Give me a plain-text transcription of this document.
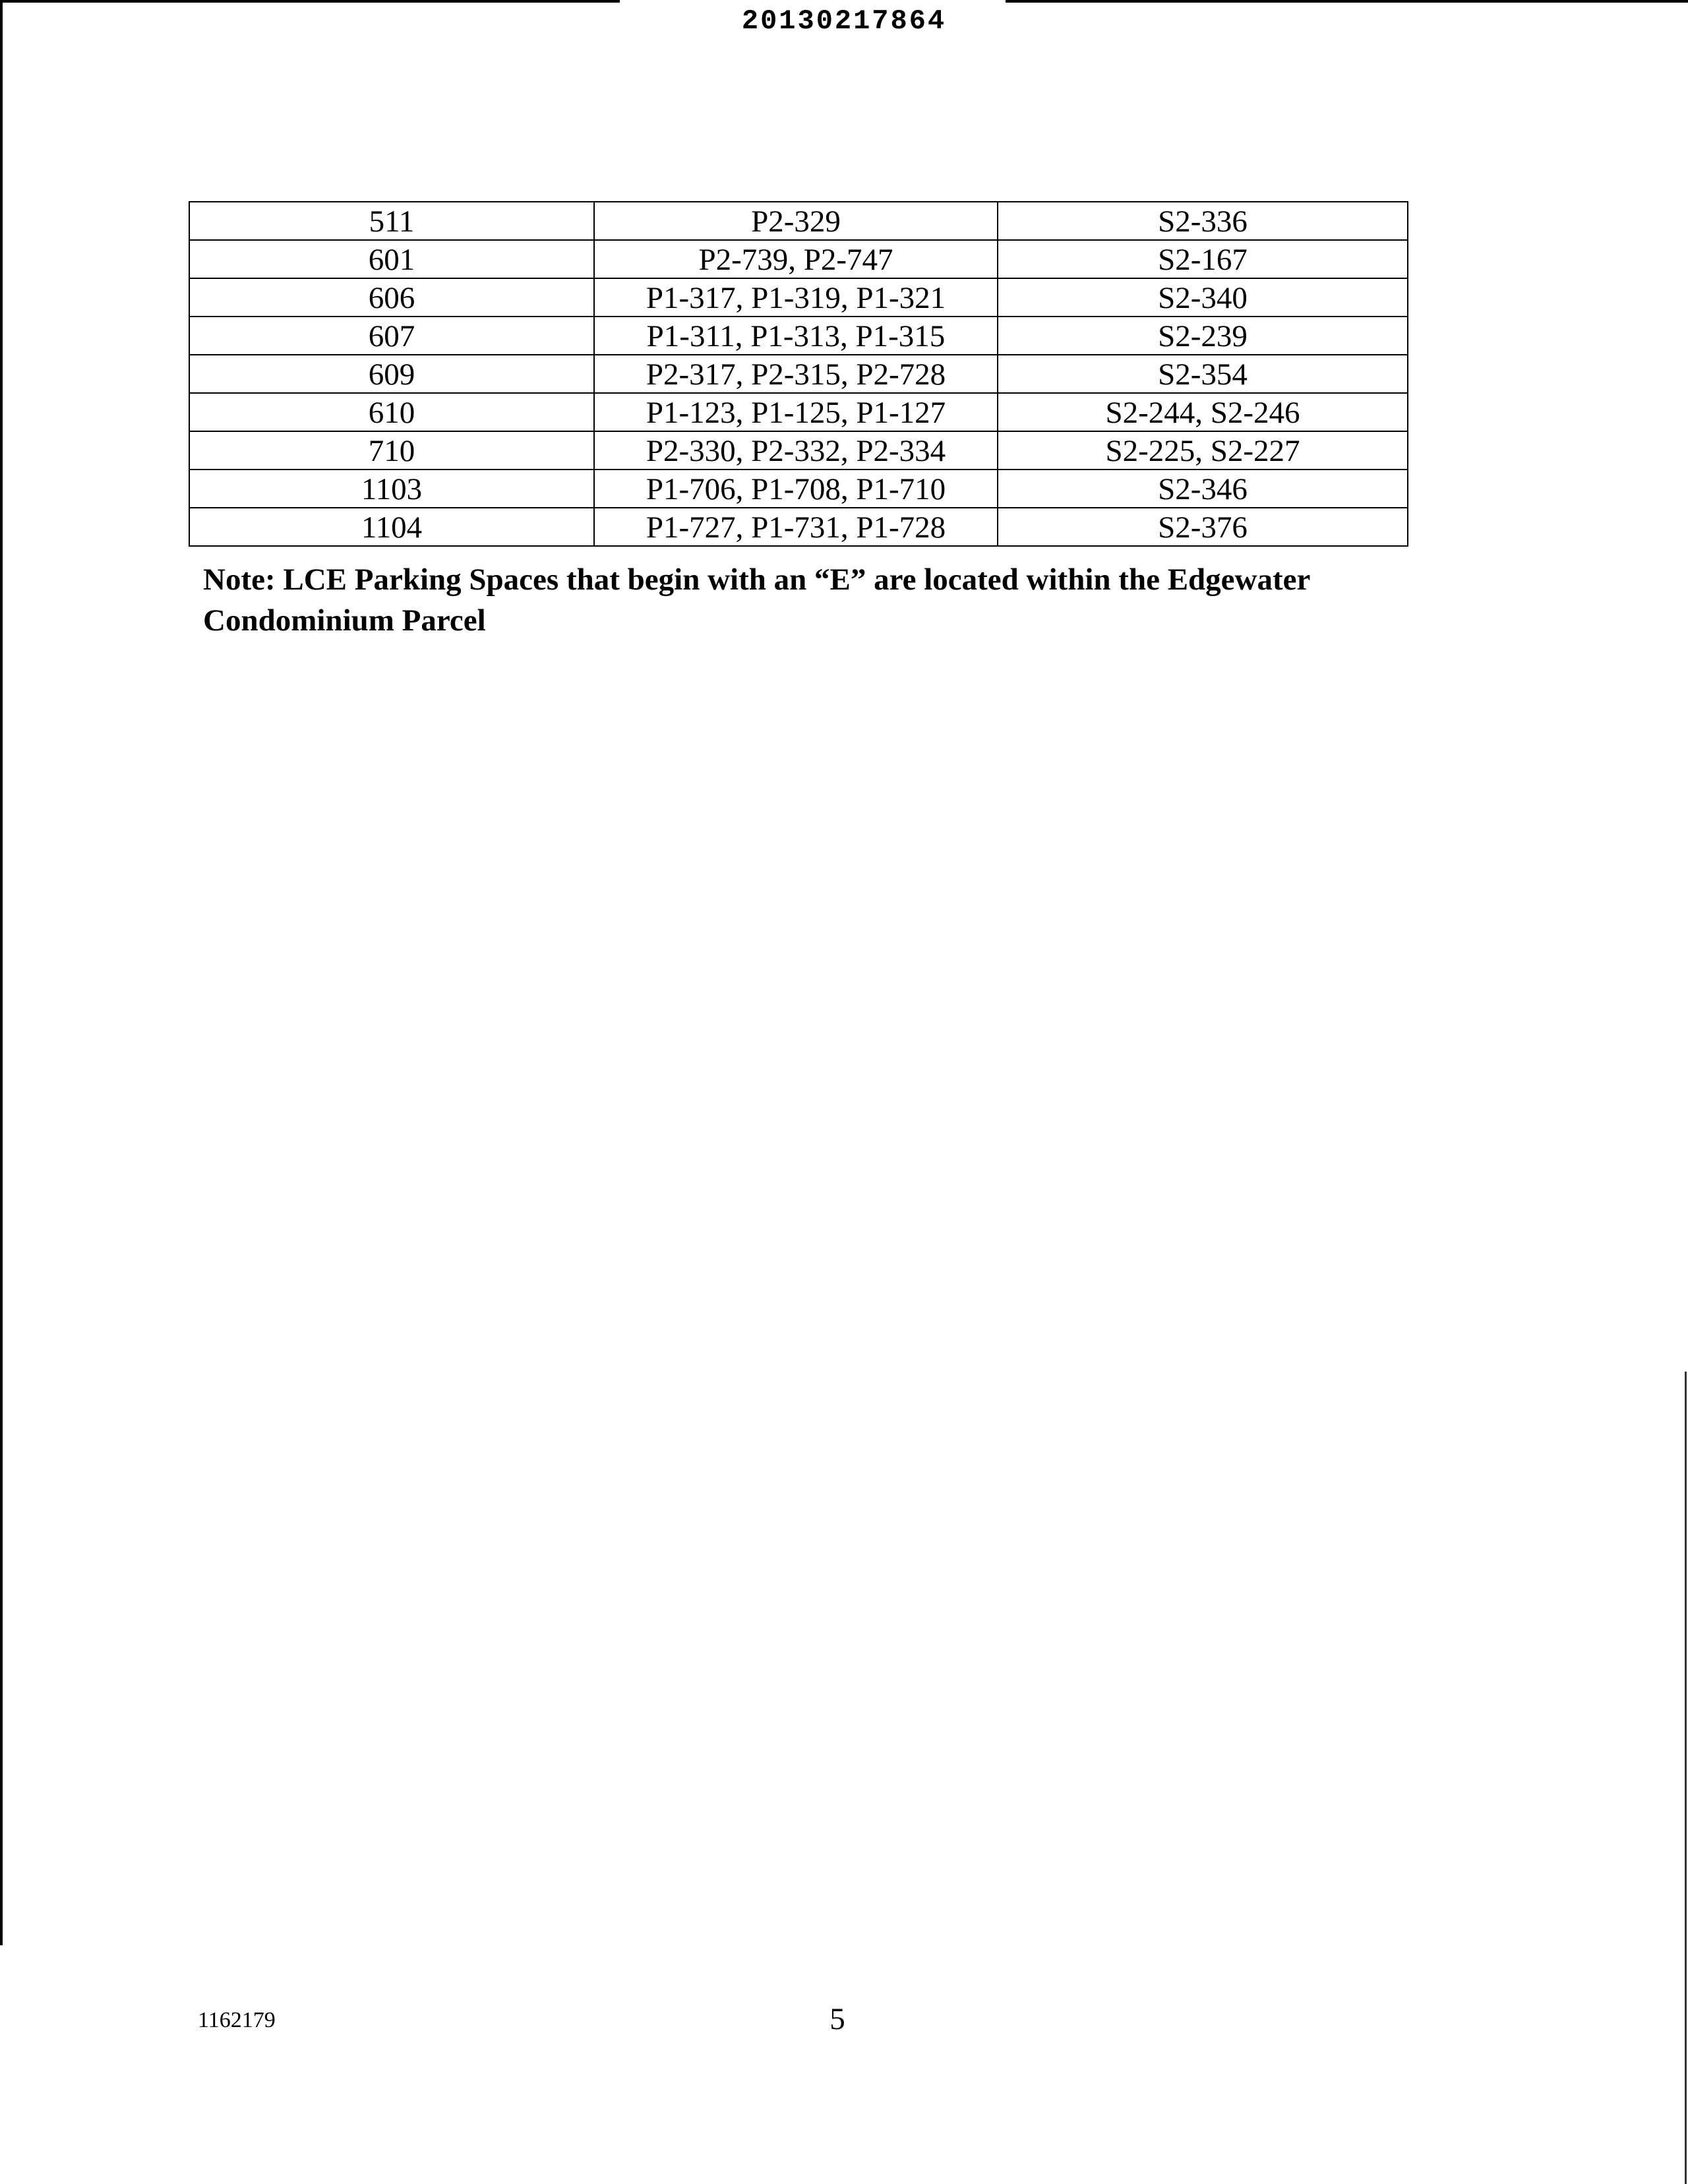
20130217864
511	P2-329	S2-336
601	P2-739, P2-747	S2-167
606	P1-317, P1-319, P1-321	S2-340
607	P1-311, P1-313, P1-315	S2-239
609	P2-317, P2-315, P2-728	S2-354
610	P1-123, P1-125, P1-127	S2-244, S2-246
710	P2-330, P2-332, P2-334	S2-225, S2-227
1103	P1-706, P1-708, P1-710	S2-346
1104	P1-727, P1-731, P1-728	S2-376
Note: LCE Parking Spaces that begin with an “E” are located within the Edgewater Condominium Parcel
1162179	5
